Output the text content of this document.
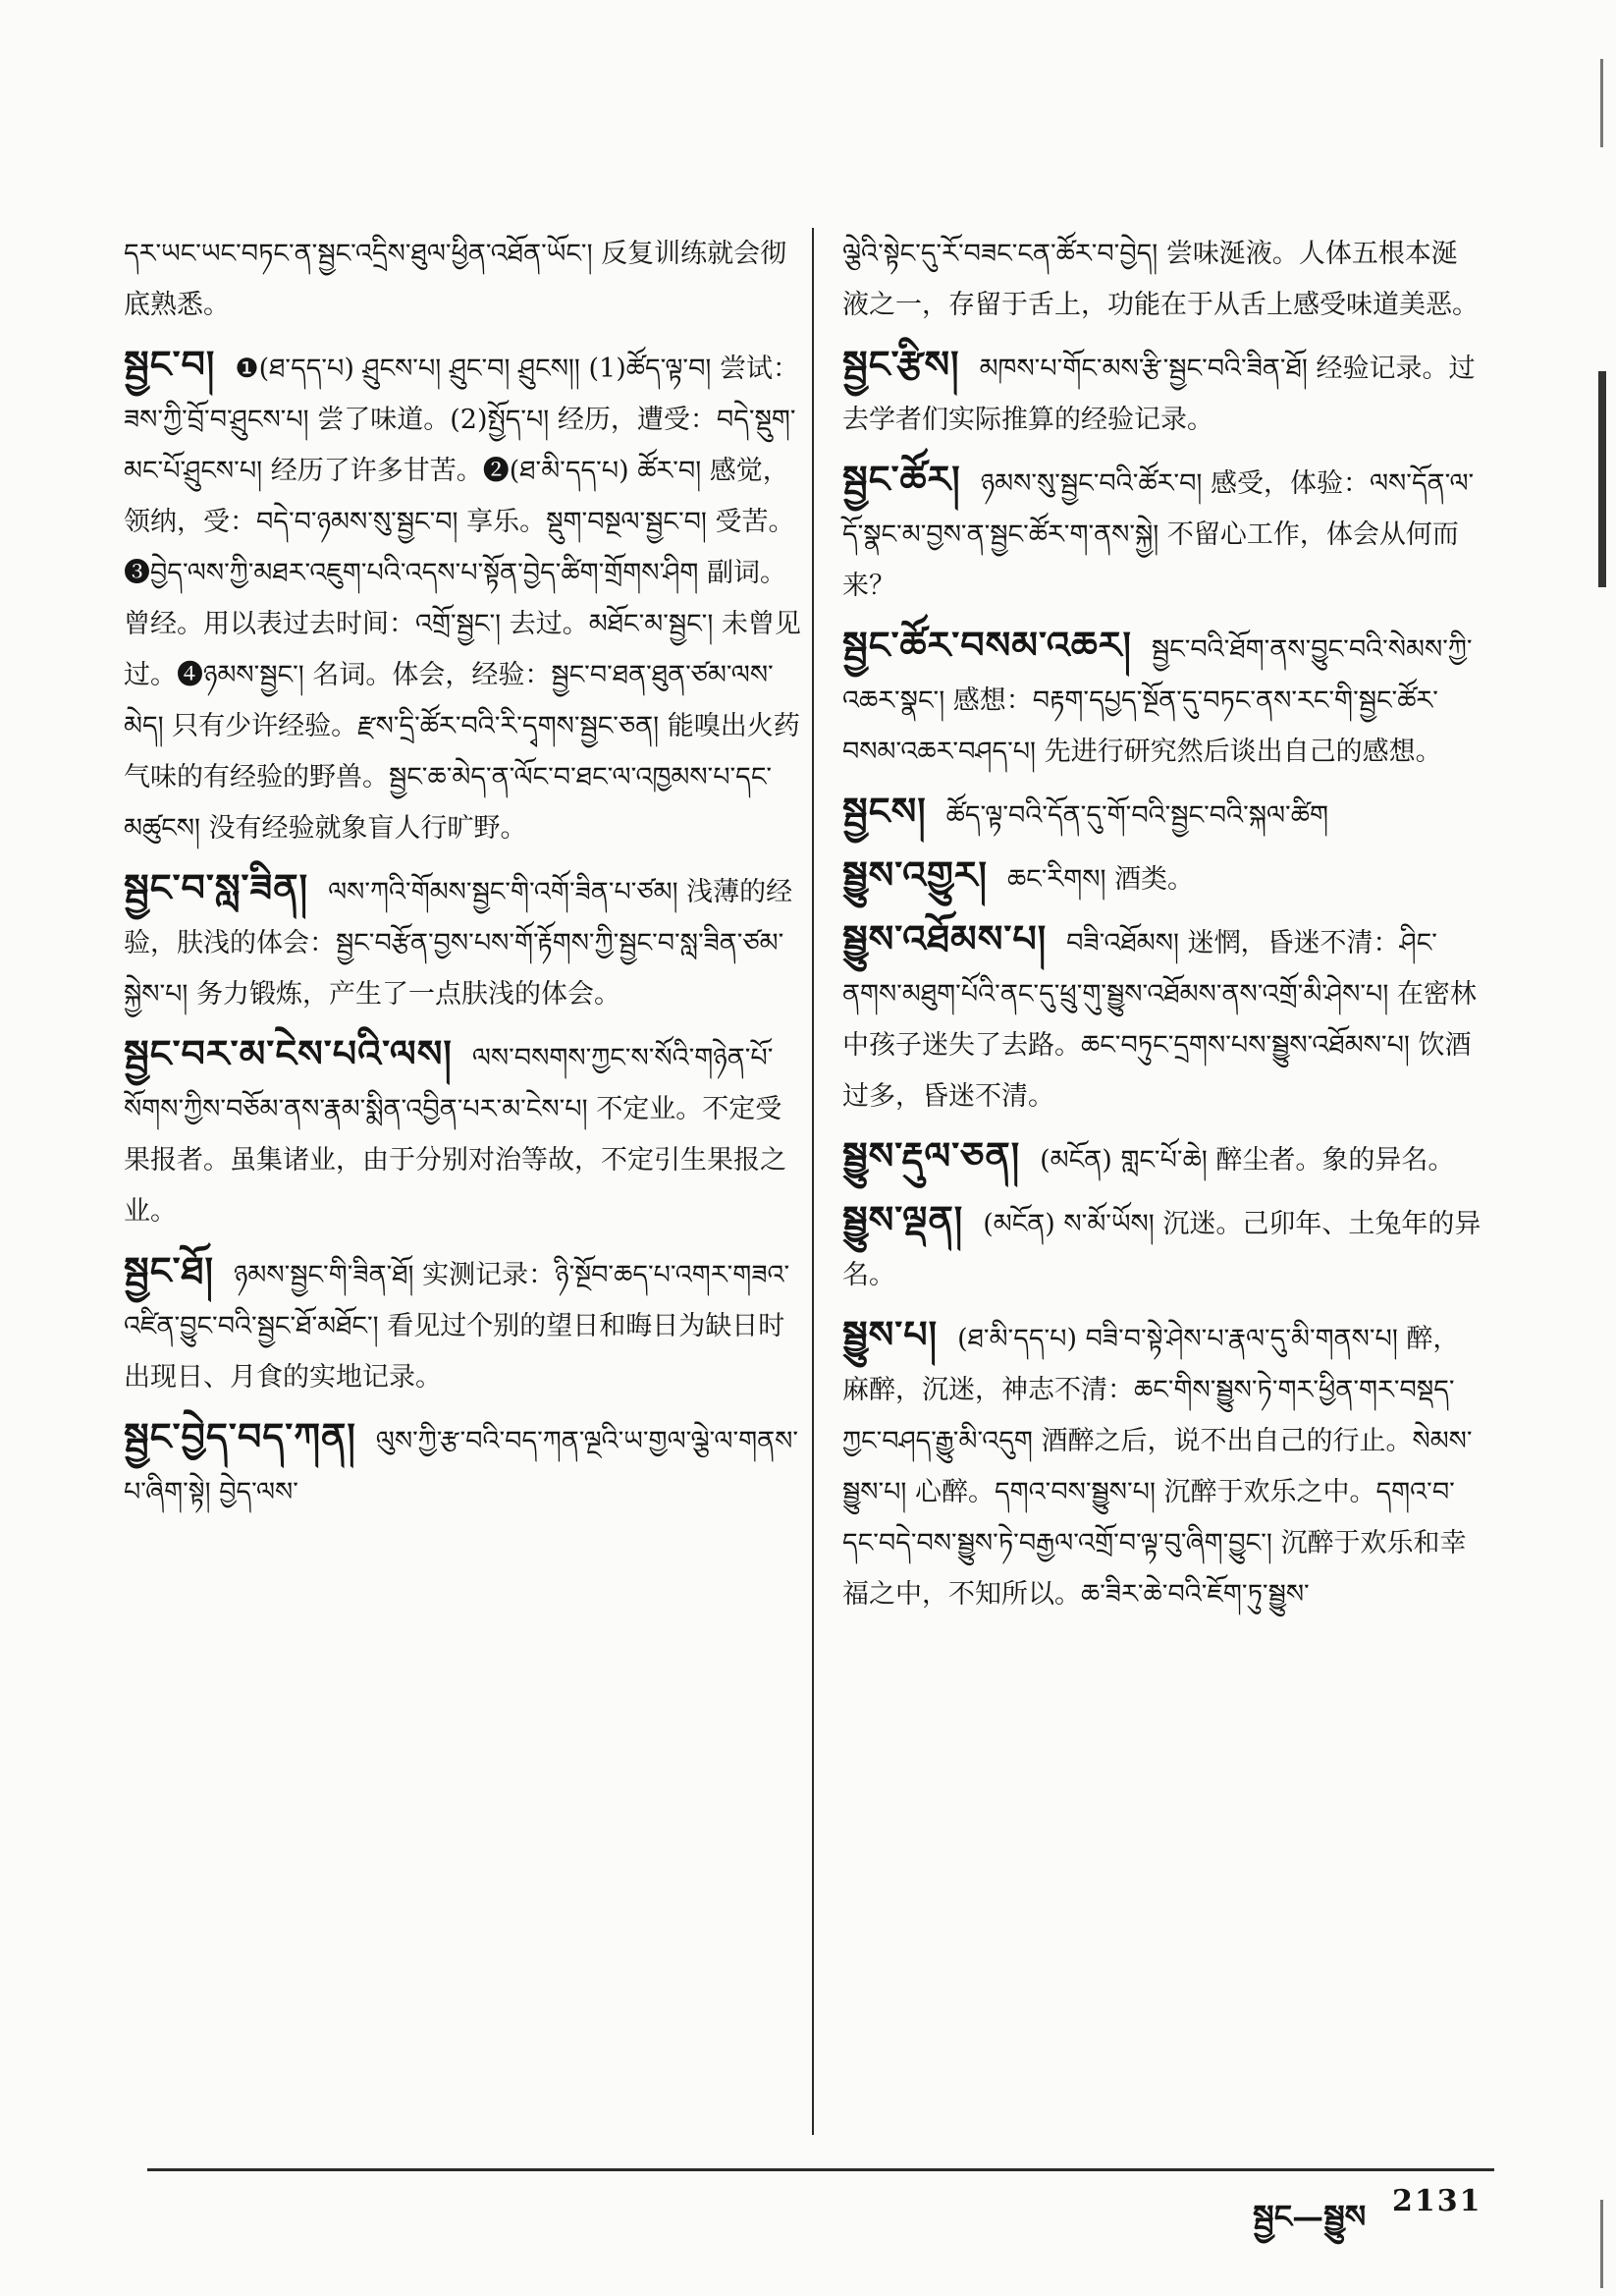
དར་ཡང་ཡང་བཏང་ན་སྦྱང་འདྲིས་ཐུལ་ཕྱིན་འཐོན་ཡོང་། 反复训练就会彻底熟悉。

སྦྱང་བ། ❶(ཐ་དད་པ) ཤྲུངས་པ། ཤྲུང་བ། ཤྲུངས།། (1)ཚོད་ལྟ་བ། 尝试：ཟས་ཀྱི་བྲོ་བ་ཤྲུངས་པ། 尝了味道。(2)སྤྱོད་པ། 经历，遭受：བདེ་སྡུག་མང་པོ་ཤྲུངས་པ། 经历了许多甘苦。❷(ཐ་མི་དད་པ) ཚོར་བ། 感觉，领纳，受：བདེ་བ་ཉམས་སུ་སྦྱང་བ། 享乐。སྡུག་བསྔལ་སྦྱང་བ། 受苦。❸བྱེད་ལས་ཀྱི་མཐར་འཇུག་པའི་འདས་པ་སྟོན་བྱེད་ཚིག་གྲོགས་ཤིག 副词。曾经。用以表过去时间：འགྲོ་སྦྱང་། 去过。མཐོང་མ་སྦྱང་། 未曾见过。❹ཉམས་སྦྱང་། 名词。体会，经验：སྦྱང་བ་ཐན་ཐུན་ཙམ་ལས་མེད། 只有少许经验。རྫས་དྲི་ཚོར་བའི་རི་དྭགས་སྦྱང་ཅན། 能嗅出火药气味的有经验的野兽。སྦྱང་ཆ་མེད་ན་ལོང་བ་ཐང་ལ་འཁྱམས་པ་དང་མཚུངས། 没有经验就象盲人行旷野。

སྦྱང་བ་སླ་ཟིན། ལས་ཀའི་གོམས་སྦྱང་གི་འགོ་ཟིན་པ་ཙམ། 浅薄的经验，肤浅的体会：སྦྱང་བརྩོན་བྱས་པས་གོ་རྟོགས་ཀྱི་སྦྱང་བ་སླ་ཟིན་ཙམ་སྐྱེས་པ། 务力锻炼，产生了一点肤浅的体会。

སྦྱང་བར་མ་ངེས་པའི་ལས། ལས་བསགས་ཀྱང་ས་སོའི་གཉེན་པོ་སོགས་ཀྱིས་བཅོམ་ནས་རྣམ་སྨིན་འབྱིན་པར་མ་ངེས་པ། 不定业。不定受果报者。虽集诸业，由于分别对治等故，不定引生果报之业。

སྦྱང་ཐོ། ཉམས་སྦྱང་གི་ཟིན་ཐོ། 实测记录：ཉི་སྔོབ་ཆད་པ་འགར་གཟའ་འཛིན་བྱུང་བའི་སྦྱང་ཐོ་མཐོང་། 看见过个别的望日和晦日为缺日时出现日、月食的实地记录。

སྦྱང་བྱེད་བད་ཀན། ལུས་ཀྱི་རྩ་བའི་བད་ཀན་ལྔའི་ཡ་གྱལ་ལྕེ་ལ་གནས་པ་ཞིག་སྟེ། བྱེད་ལས་

ལྕེའི་སྟེང་དུ་རོ་བཟང་ངན་ཚོར་བ་བྱེད། 尝味涎液。人体五根本涎液之一，存留于舌上，功能在于从舌上感受味道美恶。

སྦྱང་རྩིས། མཁས་པ་གོང་མས་རྩི་སྦྱང་བའི་ཟིན་ཐོ། 经验记录。过去学者们实际推算的经验记录。

སྦྱང་ཚོར། ཉམས་སུ་སྦྱང་བའི་ཚོར་བ། 感受，体验：ལས་དོན་ལ་དོ་སྣང་མ་བྱས་ན་སྦྱང་ཚོར་ག་ནས་སྐྱེ། 不留心工作，体会从何而来？

སྦྱང་ཚོར་བསམ་འཆར། སྦྱང་བའི་ཐོག་ནས་བྱུང་བའི་སེམས་ཀྱི་འཆར་སྣང་། 感想：བརྟག་དཔྱད་སྔོན་དུ་བཏང་ནས་རང་གི་སྦྱང་ཚོར་བསམ་འཆར་བཤད་པ། 先进行研究然后谈出自己的感想。

སྦྱངས། ཚོད་ལྟ་བའི་དོན་དུ་གོ་བའི་སྦྱང་བའི་སྐལ་ཚིག

སྦྱུས་འགྱུར། ཆང་རིགས། 酒类。

སྦྱུས་འཐོམས་པ། བཟི་འཐོམས། 迷惘，昏迷不清：ཤིང་ནགས་མཐུག་པོའི་ནང་དུ་ཕྲུ་གུ་སྦྱུས་འཐོམས་ནས་འགྲོ་མི་ཤེས་པ། 在密林中孩子迷失了去路。ཆང་བཏུང་དྲགས་པས་སྦྱུས་འཐོམས་པ། 饮酒过多，昏迷不清。

སྦྱུས་རྡུལ་ཅན། (མངོན) གླང་པོ་ཆེ། 醉尘者。象的异名。

སྦྱུས་ལྡན། (མངོན) ས་མོ་ཡོས། 沉迷。己卯年、土兔年的异名。

སྦྱུས་པ། (ཐ་མི་དད་པ) བཟི་བ་སྟེ་ཤེས་པ་རྣལ་དུ་མི་གནས་པ། 醉，麻醉，沉迷，神志不清：ཆང་གིས་སྦྱུས་ཏེ་གར་ཕྱིན་གར་བསྡད་ཀྱང་བཤད་རྒྱུ་མི་འདུག 酒醉之后，说不出自己的行止。སེམས་སྦྱུས་པ། 心醉。དགའ་བས་སྦྱུས་པ། 沉醉于欢乐之中。དགའ་བ་དང་བདེ་བས་སྦྱུས་ཏེ་བརྒྱལ་འགྲོ་བ་ལྟ་བུ་ཞིག་བྱུང་། 沉醉于欢乐和幸福之中，不知所以。ཆ་ཟིར་ཆེ་བའི་ཇོག་ཏུ་སྦྱུས་

སྦྱང—སྦྱུས 2131
